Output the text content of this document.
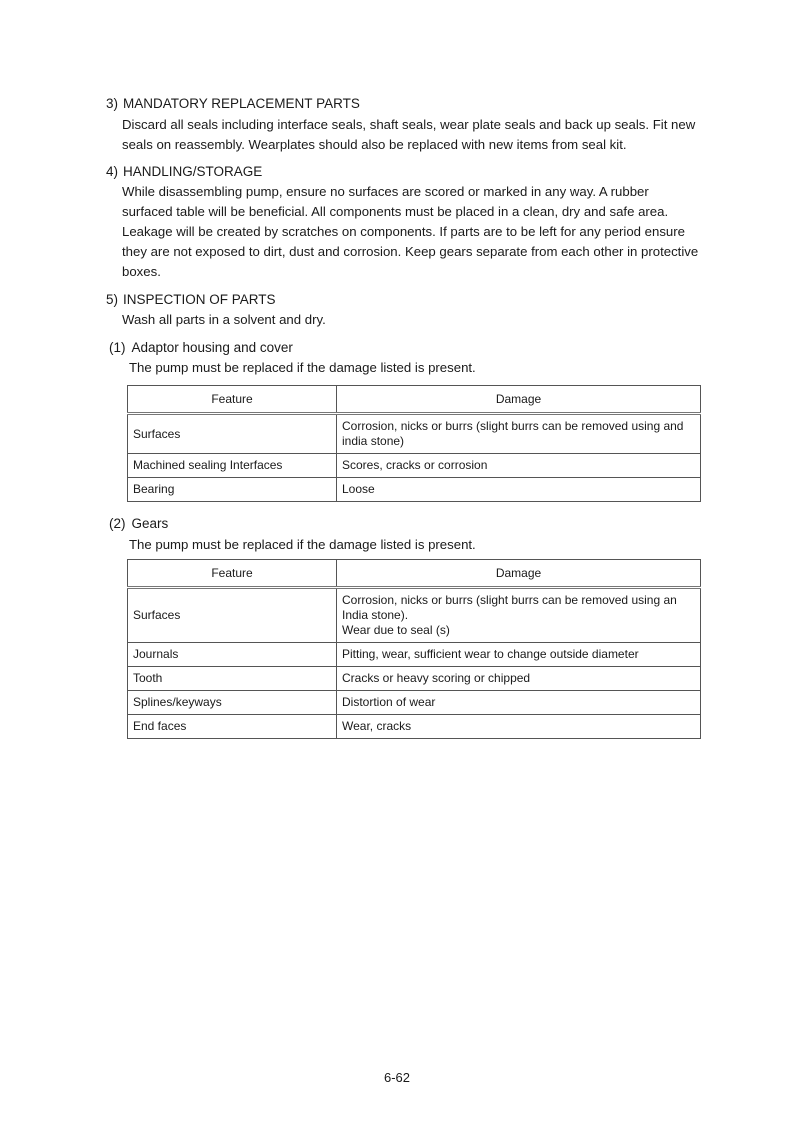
3) MANDATORY REPLACEMENT PARTS
Discard all seals including interface seals, shaft seals, wear plate seals and back up seals. Fit new
seals on reassembly. Wearplates should also be replaced with new items from seal kit.
4) HANDLING/STORAGE
While disassembling pump, ensure no surfaces are scored or marked in any way. A rubber
surfaced table will be beneficial. All components must be placed in a clean, dry and safe area.
Leakage will be created by scratches on components. If parts are to be left for any period ensure
they are not exposed to dirt, dust and corrosion. Keep gears separate from each other in protective
boxes.
5) INSPECTION OF PARTS
Wash all parts in a solvent and dry.
(1) Adaptor housing and cover
The pump must be replaced if the damage listed is present.
Feature	Damage
Surfaces	Corrosion, nicks or burrs (slight burrs can be removed using and
india stone)
Machined sealing Interfaces	Scores, cracks or corrosion
Bearing	Loose
(2) Gears
The pump must be replaced if the damage listed is present.
Feature	Damage
Surfaces	Corrosion, nicks or burrs (slight burrs can be removed using an
India stone).
Wear due to seal (s)
Journals	Pitting, wear, sufficient wear to change outside diameter
Tooth	Cracks or heavy scoring or chipped
Splines/keyways	Distortion of wear
End faces	Wear, cracks
6-62
